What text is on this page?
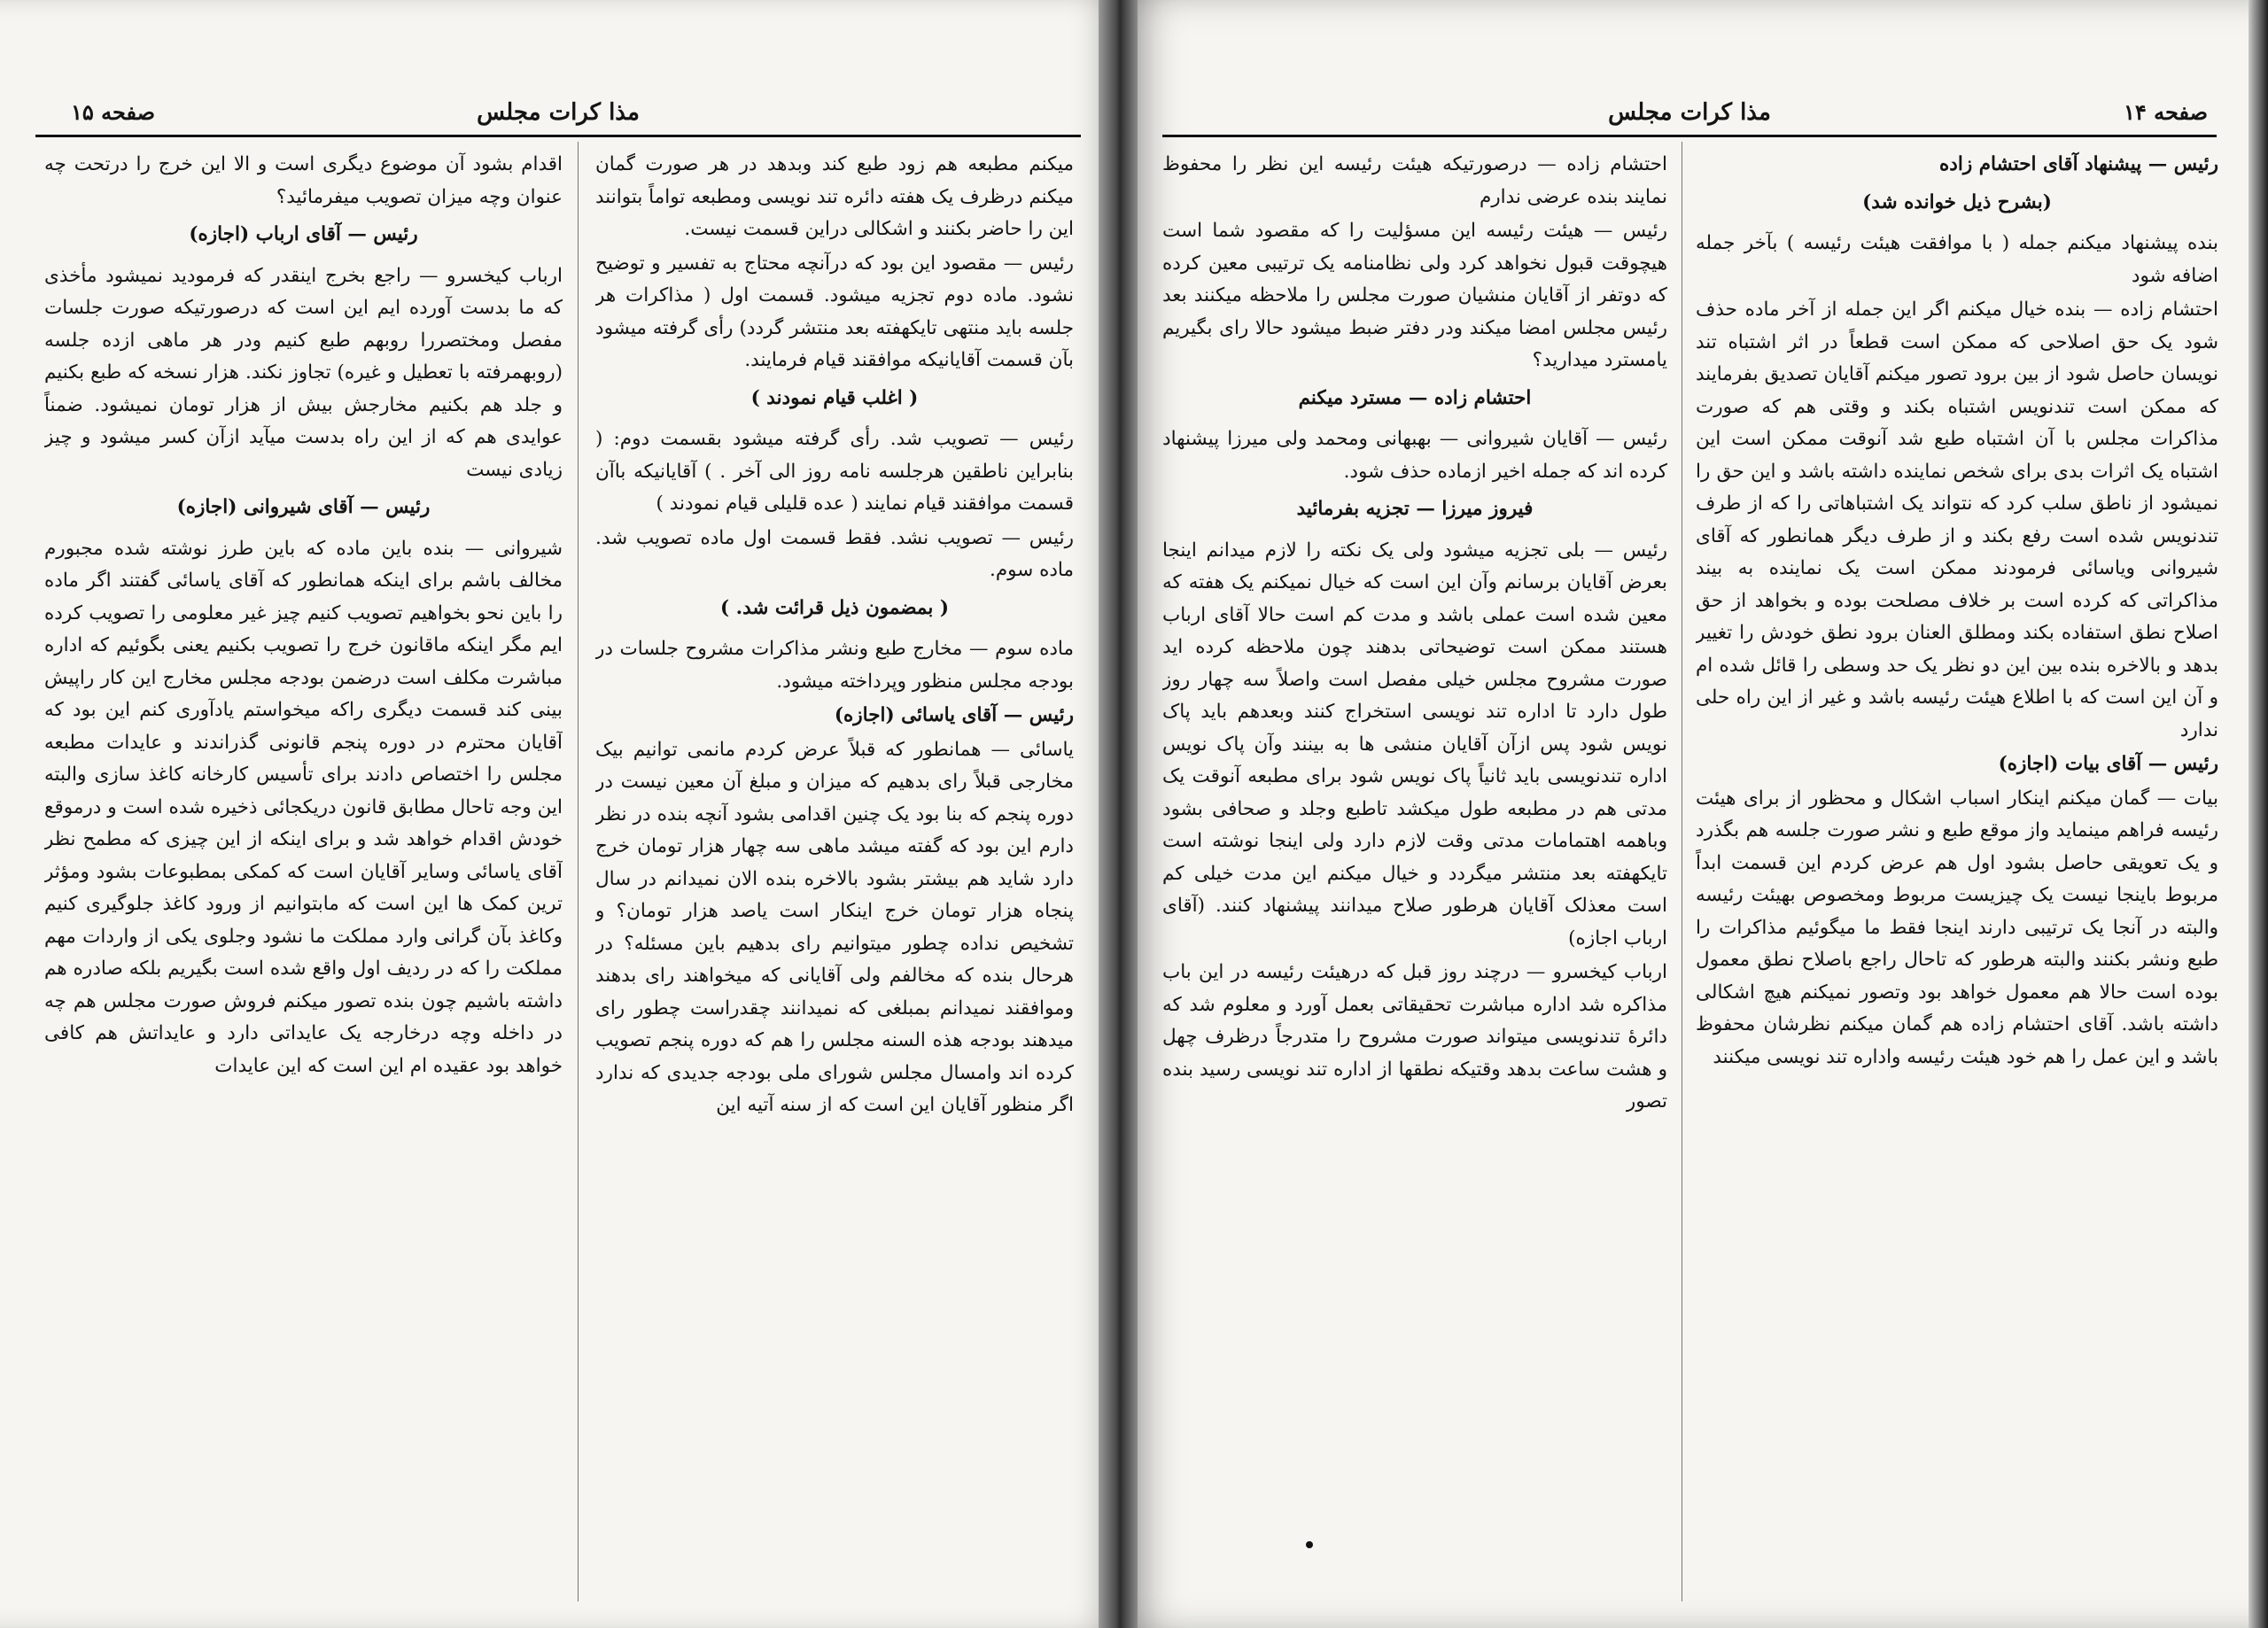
مذا کرات مجلس
صفحه ۱۵

میکنم مطبعه هم زود طبع کند وبدهد در هر صورت گمان میکنم درظرف یک هفته دائره تند نویسی ومطبعه تواماً بتوانند این را حاضر بکنند و اشکالی دراین قسمت نیست.

رئیس — مقصود این بود که درآنچه محتاج به تفسیر و توضیح نشود. ماده دوم تجزیه میشود. قسمت اول ( مذاکرات هر جلسه باید منتهی تایکهفته بعد منتشر گردد) رأی گرفته میشود بآن قسمت آقایانیکه موافقند قیام فرمایند.

( اغلب قیام نمودند )

رئیس — تصویب شد. رأی گرفته میشود بقسمت دوم: ( بنابراین ناطقین هرجلسه نامه روز الی آخر . ) آقایانیکه باآن قسمت موافقند قیام نمایند ( عده قلیلی قیام نمودند )

رئیس — تصویب نشد. فقط قسمت اول ماده تصویب شد. ماده سوم.

( بمضمون ذیل قرائت شد. )

ماده سوم — مخارج طبع ونشر مذاکرات مشروح جلسات در بودجه مجلس منظور وپرداخته میشود.

رئیس — آقای یاسائی (اجازه)

یاسائی — همانطور که قبلاً عرض کردم مانمی توانیم بیک مخارجی قبلاً رای بدهیم که میزان و مبلغ آن معین نیست در دوره پنجم که بنا بود یک چنین اقدامی بشود آنچه بنده در نظر دارم این بود که گفته میشد ماهی سه چهار هزار تومان خرج دارد شاید هم بیشتر بشود بالاخره بنده الان نمیدانم در سال پنجاه هزار تومان خرج اینکار است یاصد هزار تومان؟ و تشخیص نداده چطور میتوانیم رای بدهیم باین مسئله؟ در هرحال بنده که مخالفم ولی آقایانی که میخواهند رای بدهند وموافقند نمیدانم بمبلغی که نمیدانند چقدراست چطور رای میدهند بودجه هذه السنه مجلس را هم که دوره پنجم تصویب کرده اند وامسال مجلس شورای ملی بودجه جدیدی که ندارد اگر منظور آقایان این است که از سنه آتیه این

اقدام بشود آن موضوع دیگری است و الا این خرج را درتحت چه عنوان وچه میزان تصویب میفرمائید؟

رئیس — آقای ارباب (اجازه)

ارباب کیخسرو — راجع بخرج اینقدر که فرمودید نمیشود مأخذی که ما بدست آورده ایم این است که درصورتیکه صورت جلسات مفصل ومختصررا روبهم طبع کنیم ودر هر ماهی ازده جلسه (روبهمرفته با تعطیل و غیره) تجاوز نکند. هزار نسخه که طبع بکنیم و جلد هم بکنیم مخارجش بیش از هزار تومان نمیشود. ضمناً عوایدی هم که از این راه بدست میآید ازآن کسر میشود و چیز زیادی نیست

رئیس — آقای شیروانی (اجازه)

شیروانی — بنده باین ماده که باین طرز نوشته شده مجبورم مخالف باشم برای اینکه همانطور که آقای یاسائی گفتند اگر ماده را باین نحو بخواهیم تصویب کنیم چیز غیر معلومی را تصویب کرده ایم مگر اینکه ماقانون خرج را تصویب بکنیم یعنی بگوئیم که اداره مباشرت مکلف است درضمن بودجه مجلس مخارج این کار راپیش بینی کند قسمت دیگری راکه میخواستم یادآوری کنم این بود که آقایان محترم در دوره پنجم قانونی گذراندند و عایدات مطبعه مجلس را اختصاص دادند برای تأسیس کارخانه کاغذ سازی والبته این وجه تاحال مطابق قانون دریکجائی ذخیره شده است و درموقع خودش اقدام خواهد شد و برای اینکه از این چیزی که مطمح نظر آقای یاسائی وسایر آقایان است که کمکی بمطبوعات بشود ومؤثر ترین کمک ها این است که مابتوانیم از ورود کاغذ جلوگیری کنیم وکاغذ بآن گرانی وارد مملکت ما نشود وجلوی یکی از واردات مهم مملکت را که در ردیف اول واقع شده است بگیریم بلکه صادره هم داشته باشیم چون بنده تصور میکنم فروش صورت مجلس هم چه در داخله وچه درخارجه یک عایداتی دارد و عایداتش هم کافی خواهد بود عقیده ام این است که این عایدات

مذا کرات مجلس	صفحه ۱۴

احتشام زاده — درصورتیکه هیئت رئیسه این نظر را محفوظ نمایند بنده عرضی ندارم

رئیس — هیئت رئیسه این مسؤلیت را که مقصود شما است هیچوقت قبول نخواهد کرد ولی نظامنامه یک ترتیبی معین کرده که دوتفر از آقایان منشیان صورت مجلس را ملاحظه میکنند بعد رئیس مجلس امضا میکند ودر دفتر ضبط میشود حالا رای بگیریم یامسترد میدارید؟

احتشام زاده — مسترد میکنم

رئیس — آقایان شیروانی — بهبهانی ومحمد ولی میرزا پیشنهاد کرده اند که جمله اخیر ازماده حذف شود.

فیروز میرزا — تجزیه بفرمائید

رئیس — بلی تجزیه میشود ولی یک نکته را لازم میدانم اینجا بعرض آقایان برسانم وآن این است که خیال نمیکنم یک هفته که معین شده است عملی باشد و مدت کم است حالا آقای ارباب هستند ممکن است توضیحاتی بدهند چون ملاحظه کرده اید صورت مشروح مجلس خیلی مفصل است واصلاً سه چهار روز طول دارد تا اداره تند نویسی استخراج کنند وبعدهم باید پاک نویس شود پس ازآن آقایان منشی ها به بینند وآن پاک نویس اداره تندنویسی باید ثانیاً پاک نویس شود برای مطبعه آنوقت یک مدتی هم در مطبعه طول میکشد تاطبع وجلد و صحافی بشود وباهمه اهتمامات مدتی وقت لازم دارد ولی اینجا نوشته است تایکهفته بعد منتشر میگردد و خیال میکنم این مدت خیلی کم است معذلک آقایان هرطور صلاح میدانند پیشنهاد کنند. (آقای ارباب اجازه)

ارباب کیخسرو — درچند روز قبل که درهیئت رئیسه در این باب مذاکره شد اداره مباشرت تحقیقاتی بعمل آورد و معلوم شد که دائرهٔ تندنویسی میتواند صورت مشروح را متدرجاً درظرف چهل و هشت ساعت بدهد وقتیکه نطقها از اداره تند نویسی رسید بنده تصور

رئیس — پیشنهاد آقای احتشام زاده

(بشرح ذیل خوانده شد)

بنده پیشنهاد میکنم جمله ( با موافقت هیئت رئیسه ) بآخر جمله اضافه شود

احتشام زاده — بنده خیال میکنم اگر این جمله از آخر ماده حذف شود یک حق اصلاحی که ممکن است قطعاً در اثر اشتباه تند نویسان حاصل شود از بین برود تصور میکنم آقایان تصدیق بفرمایند که ممکن است تندنویس اشتباه بکند و وقتی هم که صورت مذاکرات مجلس با آن اشتباه طبع شد آنوقت ممکن است این اشتباه یک اثرات بدی برای شخص نماینده داشته باشد و این حق را نمیشود از ناطق سلب کرد که نتواند یک اشتباهاتی را که از طرف تندنویس شده است رفع بکند و از طرف دیگر همانطور که آقای شیروانی ویاسائی فرمودند ممکن است یک نماینده به بیند مذاکراتی که کرده است بر خلاف مصلحت بوده و بخواهد از حق اصلاح نطق استفاده بکند ومطلق العنان برود نطق خودش را تغییر بدهد و بالاخره بنده بین این دو نظر یک حد وسطی را قائل شده ام و آن این است که با اطلاع هیئت رئیسه باشد و غیر از این راه حلی ندارد

رئیس — آقای بیات (اجازه)

بیات — گمان میکنم اینکار اسباب اشکال و محظور از برای هیئت رئیسه فراهم مینماید واز موقع طبع و نشر صورت جلسه هم بگذرد و یک تعویقی حاصل بشود اول هم عرض کردم این قسمت ابداً مربوط باینجا نیست یک چیزیست مربوط ومخصوص بهیئت رئیسه والبته در آنجا یک ترتیبی دارند اینجا فقط ما میگوئیم مذاکرات را طبع ونشر بکنند والبته هرطور که تاحال راجع باصلاح نطق معمول بوده است حالا هم معمول خواهد بود وتصور نمیکنم هیچ اشکالی داشته باشد. آقای احتشام زاده هم گمان میکنم نظرشان محفوظ باشد و این عمل را هم خود هیئت رئیسه واداره تند نویسی میکنند
